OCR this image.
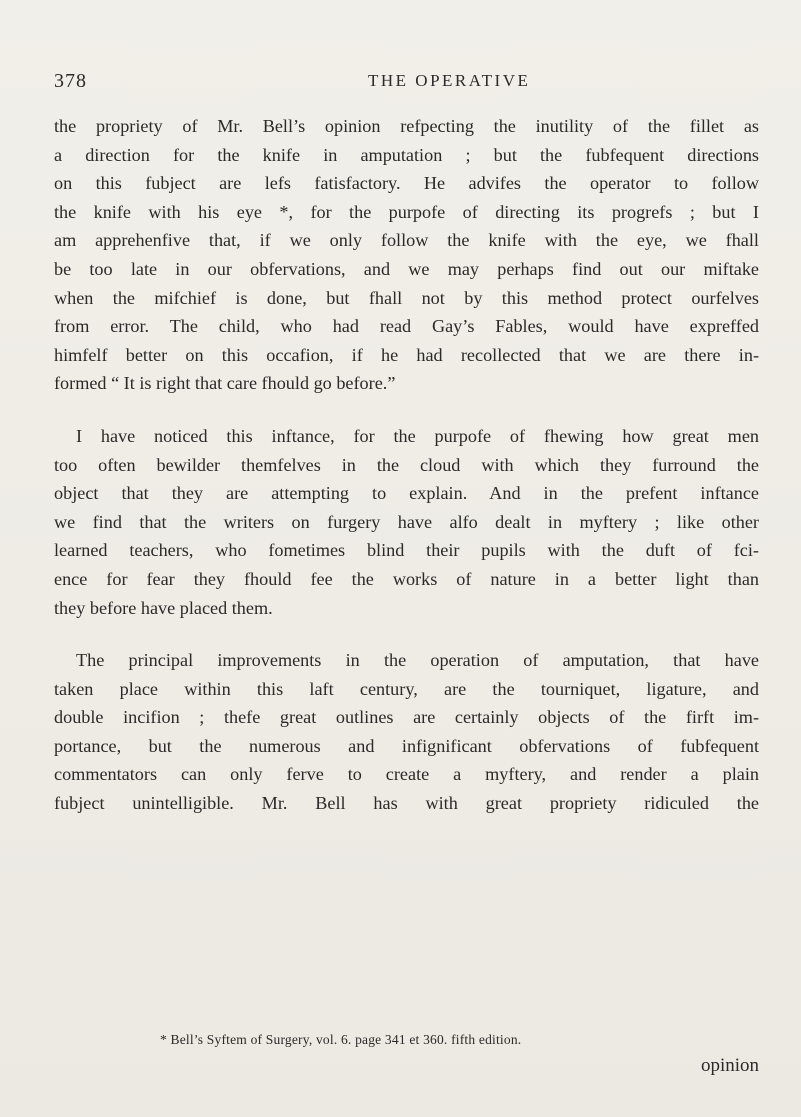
378	THE OPERATIVE
the propriety of Mr. Bell’s opinion refpecting the inutility of the fillet as
a direction for the knife in amputation ; but the fubfequent directions
on this fubject are lefs fatisfactory. He advifes the operator to follow
the knife with his eye *, for the purpofe of directing its progrefs ; but I
am apprehenfive that, if we only follow the knife with the eye, we fhall
be too late in our obfervations, and we may perhaps find out our miftake
when the mifchief is done, but fhall not by this method protect ourfelves
from error. The child, who had read Gay’s Fables, would have expreffed
himfelf better on this occafion, if he had recollected that we are there in-
formed “ It is right that care fhould go before.”
I have noticed this inftance, for the purpofe of fhewing how great men
too often bewilder themfelves in the cloud with which they furround the
object that they are attempting to explain. And in the prefent inftance
we find that the writers on furgery have alfo dealt in myftery ; like other
learned teachers, who fometimes blind their pupils with the duft of fci-
ence for fear they fhould fee the works of nature in a better light than
they before have placed them.
The principal improvements in the operation of amputation, that have
taken place within this laft century, are the tourniquet, ligature, and
double incifion ; thefe great outlines are certainly objects of the firft im-
portance, but the numerous and infignificant obfervations of fubfequent
commentators can only ferve to create a myftery, and render a plain
fubject unintelligible. Mr. Bell has with great propriety ridiculed the
* Bell’s Syftem of Surgery, vol. 6. page 341 et 360. fifth edition.
opinion
